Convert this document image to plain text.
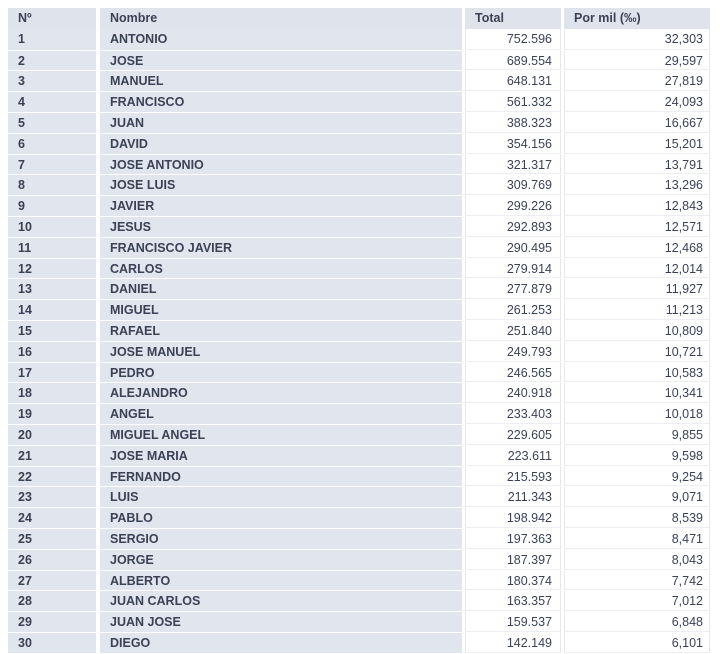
Nº	Nombre	Total	Por mil (‰)
1	ANTONIO	752.596	32,303
2	JOSE	689.554	29,597
3	MANUEL	648.131	27,819
4	FRANCISCO	561.332	24,093
5	JUAN	388.323	16,667
6	DAVID	354.156	15,201
7	JOSE ANTONIO	321.317	13,791
8	JOSE LUIS	309.769	13,296
9	JAVIER	299.226	12,843
10	JESUS	292.893	12,571
11	FRANCISCO JAVIER	290.495	12,468
12	CARLOS	279.914	12,014
13	DANIEL	277.879	11,927
14	MIGUEL	261.253	11,213
15	RAFAEL	251.840	10,809
16	JOSE MANUEL	249.793	10,721
17	PEDRO	246.565	10,583
18	ALEJANDRO	240.918	10,341
19	ANGEL	233.403	10,018
20	MIGUEL ANGEL	229.605	9,855
21	JOSE MARIA	223.611	9,598
22	FERNANDO	215.593	9,254
23	LUIS	211.343	9,071
24	PABLO	198.942	8,539
25	SERGIO	197.363	8,471
26	JORGE	187.397	8,043
27	ALBERTO	180.374	7,742
28	JUAN CARLOS	163.357	7,012
29	JUAN JOSE	159.537	6,848
30	DIEGO	142.149	6,101
